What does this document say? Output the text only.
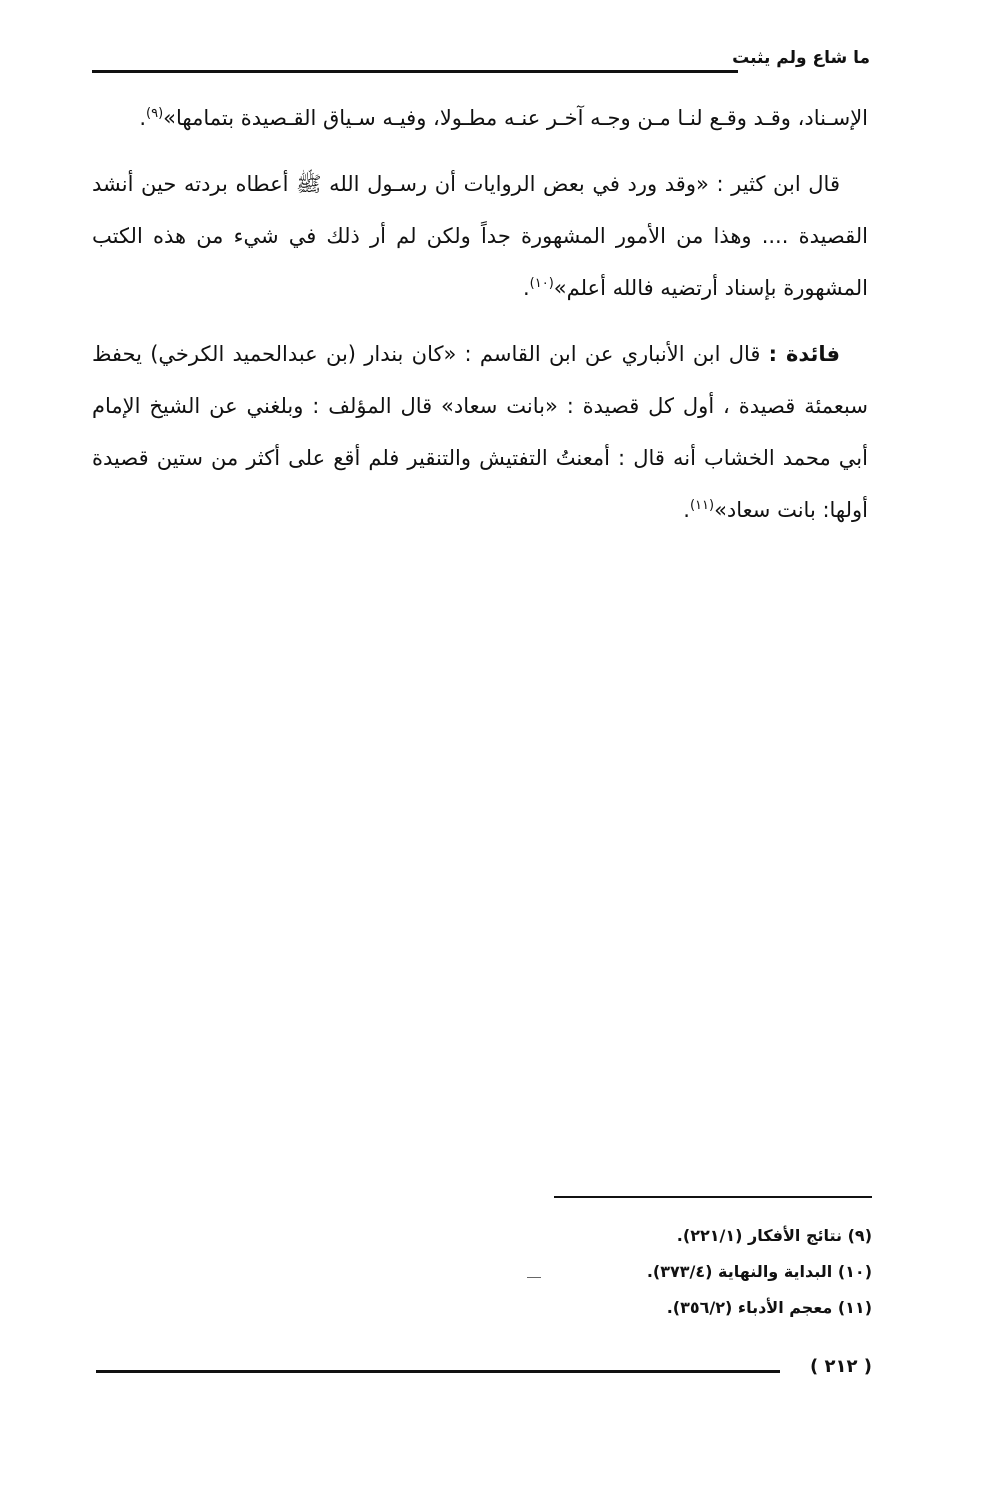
ما شاع ولم يثبت

الإسـناد، وقـد وقـع لنـا مـن وجـه آخـر عنـه مطـولا، وفيـه سـياق القـصيدة بتمامها»$^{(٩)}$.

قال ابن كثير : «وقد ورد في بعض الروايات أن رسـول الله ﷺ أعطاه بردته حين أنشد القصيدة .... وهذا من الأمور المشهورة جداً ولكن لم أر ذلك في شيء من هذه الكتب المشهورة بإسناد أرتضيه فالله أعلم»$^{(١٠)}$.

فائدة : قال ابن الأنباري عن ابن القاسم : «كان بندار (بن عبدالحميد الكرخي) يحفظ سبعمئة قصيدة ، أول كل قصيدة : «بانت سعاد» قال المؤلف : وبلغني عن الشيخ الإمام أبي محمد الخشاب أنه قال : أمعنتُ التفتيش والتنقير فلم أقع على أكثر من ستين قصيدة أولها: بانت سعاد»$^{(١١)}$.

(٩) نتائج الأفكار (٢٢١/١).
(١٠) البداية والنهاية (٣٧٣/٤).
(١١) معجم الأدباء (٣٥٦/٢).
( ٢١٢ )
